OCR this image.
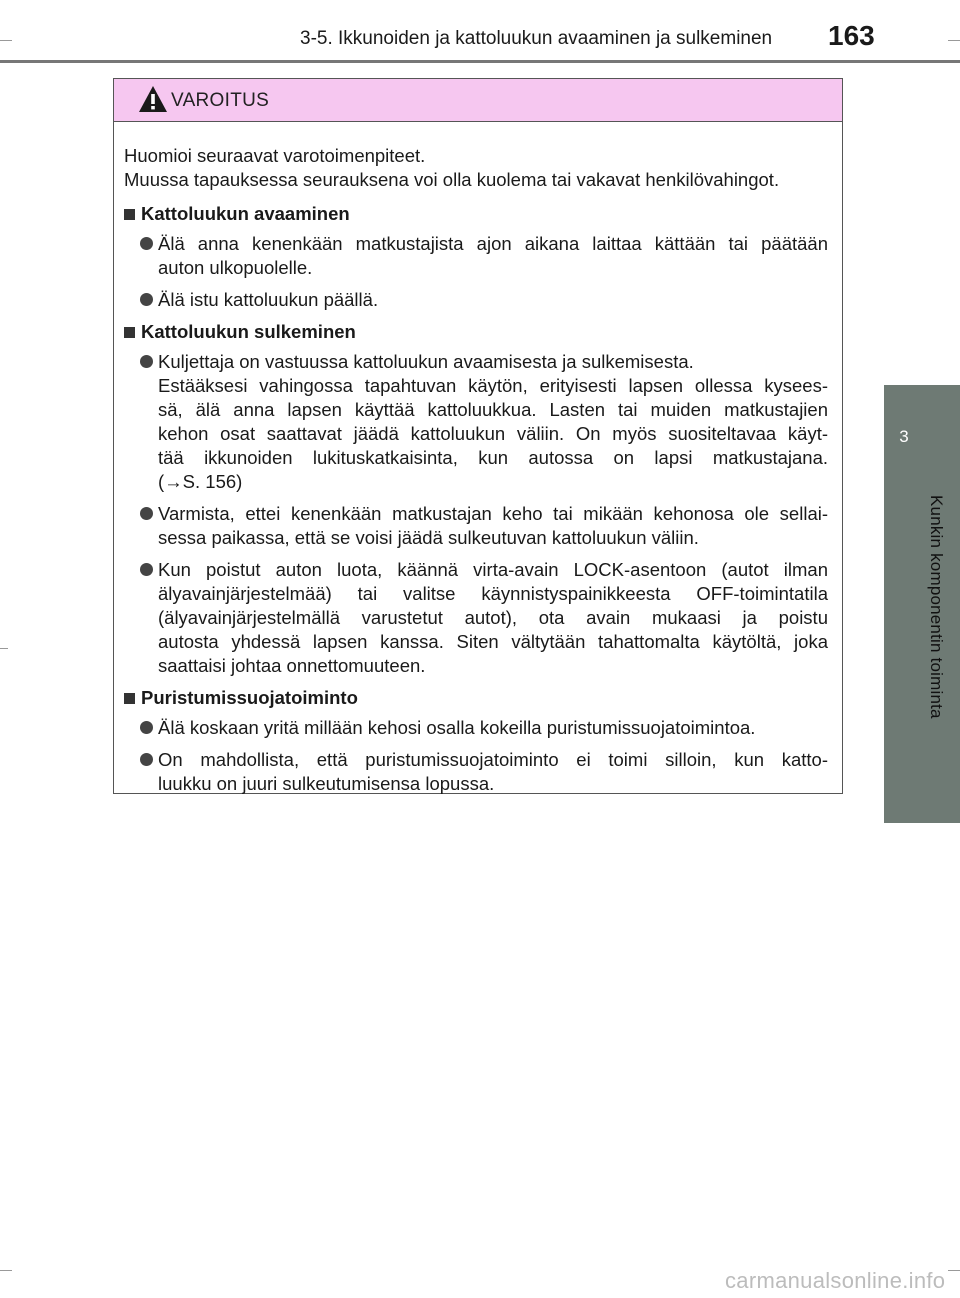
3-5. Ikkunoiden ja kattoluukun avaaminen ja sulkeminen 163
3
Kunkin komponentin toiminta
VAROITUS
Huomioi seuraavat varotoimenpiteet.
Muussa tapauksessa seurauksena voi olla kuolema tai vakavat henkilövahingot.
Kattoluukun avaaminen
Älä anna kenenkään matkustajista ajon aikana laittaa kättään tai päätään
auton ulkopuolelle.
Älä istu kattoluukun päällä.
Kattoluukun sulkeminen
Kuljettaja on vastuussa kattoluukun avaamisesta ja sulkemisesta.
Estääksesi vahingossa tapahtuvan käytön, erityisesti lapsen ollessa kysees-
sä, älä anna lapsen käyttää kattoluukkua. Lasten tai muiden matkustajien
kehon osat saattavat jäädä kattoluukun väliin. On myös suositeltavaa käyt-
tää ikkunoiden lukituskatkaisinta, kun autossa on lapsi matkustajana.
(→S. 156)
Varmista, ettei kenenkään matkustajan keho tai mikään kehonosa ole sellai-
sessa paikassa, että se voisi jäädä sulkeutuvan kattoluukun väliin.
Kun poistut auton luota, käännä virta-avain LOCK-asentoon (autot ilman
älyavainjärjestelmää) tai valitse käynnistyspainikkeesta OFF-toimintatila
(älyavainjärjestelmällä varustetut autot), ota avain mukaasi ja poistu
autosta yhdessä lapsen kanssa. Siten vältytään tahattomalta käytöltä, joka
saattaisi johtaa onnettomuuteen.
Puristumissuojatoiminto
Älä koskaan yritä millään kehosi osalla kokeilla puristumissuojatoimintoa.
On mahdollista, että puristumissuojatoiminto ei toimi silloin, kun katto-
luukku on juuri sulkeutumisensa lopussa.
carmanualsonline.info
